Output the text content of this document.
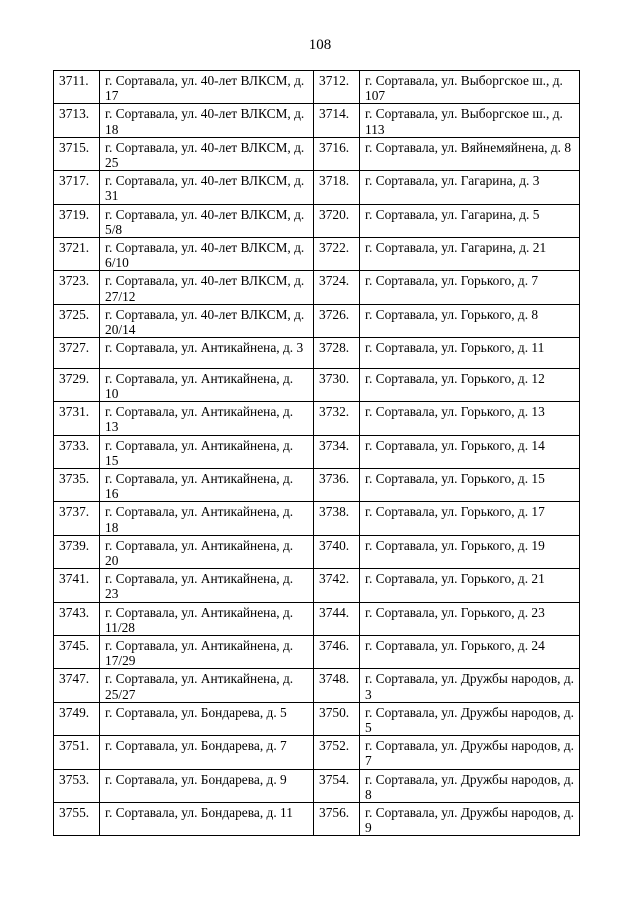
108
3711.	г. Сортавала, ул. 40-лет ВЛКСМ, д. 17	3712.	г. Сортавала, ул. Выборгское ш., д. 107
3713.	г. Сортавала, ул. 40-лет ВЛКСМ, д. 18	3714.	г. Сортавала, ул. Выборгское ш., д. 113
3715.	г. Сортавала, ул. 40-лет ВЛКСМ, д. 25	3716.	г. Сортавала, ул. Вяйнемяйнена, д. 8
3717.	г. Сортавала, ул. 40-лет ВЛКСМ, д. 31	3718.	г. Сортавала, ул. Гагарина, д. 3
3719.	г. Сортавала, ул. 40-лет ВЛКСМ, д. 5/8	3720.	г. Сортавала, ул. Гагарина, д. 5
3721.	г. Сортавала, ул. 40-лет ВЛКСМ, д. 6/10	3722.	г. Сортавала, ул. Гагарина, д. 21
3723.	г. Сортавала, ул. 40-лет ВЛКСМ, д. 27/12	3724.	г. Сортавала, ул. Горького, д. 7
3725.	г. Сортавала, ул. 40-лет ВЛКСМ, д. 20/14	3726.	г. Сортавала, ул. Горького, д. 8
3727.	г. Сортавала, ул. Антикайнена, д. 3	3728.	г. Сортавала, ул. Горького, д. 11
3729.	г. Сортавала, ул. Антикайнена, д. 10	3730.	г. Сортавала, ул. Горького, д. 12
3731.	г. Сортавала, ул. Антикайнена, д. 13	3732.	г. Сортавала, ул. Горького, д. 13
3733.	г. Сортавала, ул. Антикайнена, д. 15	3734.	г. Сортавала, ул. Горького, д. 14
3735.	г. Сортавала, ул. Антикайнена, д. 16	3736.	г. Сортавала, ул. Горького, д. 15
3737.	г. Сортавала, ул. Антикайнена, д. 18	3738.	г. Сортавала, ул. Горького, д. 17
3739.	г. Сортавала, ул. Антикайнена, д. 20	3740.	г. Сортавала, ул. Горького, д. 19
3741.	г. Сортавала, ул. Антикайнена, д. 23	3742.	г. Сортавала, ул. Горького, д. 21
3743.	г. Сортавала, ул. Антикайнена, д. 11/28	3744.	г. Сортавала, ул. Горького, д. 23
3745.	г. Сортавала, ул. Антикайнена, д. 17/29	3746.	г. Сортавала, ул. Горького, д. 24
3747.	г. Сортавала, ул. Антикайнена, д. 25/27	3748.	г. Сортавала, ул. Дружбы народов, д. 3
3749.	г. Сортавала, ул. Бондарева, д. 5	3750.	г. Сортавала, ул. Дружбы народов, д. 5
3751.	г. Сортавала, ул. Бондарева, д. 7	3752.	г. Сортавала, ул. Дружбы народов, д. 7
3753.	г. Сортавала, ул. Бондарева, д. 9	3754.	г. Сортавала, ул. Дружбы народов, д. 8
3755.	г. Сортавала, ул. Бондарева, д. 11	3756.	г. Сортавала, ул. Дружбы народов, д. 9
